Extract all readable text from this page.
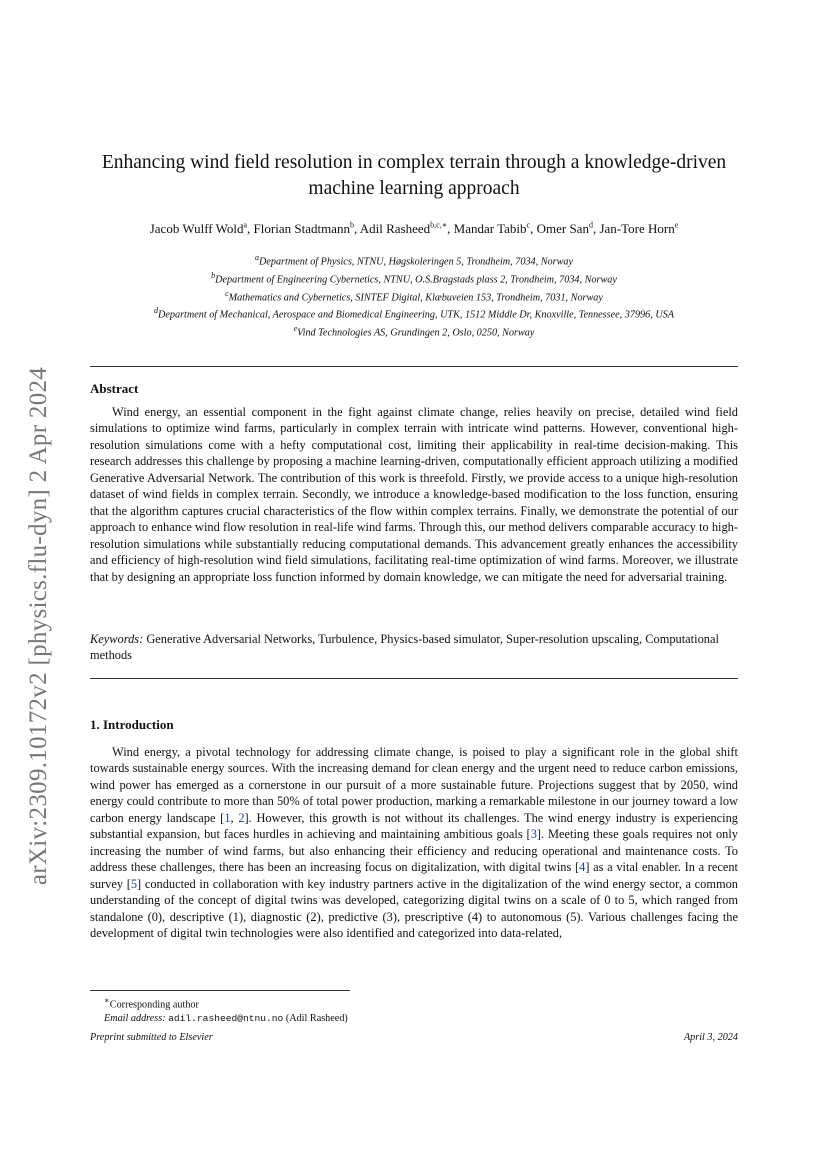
arXiv:2309.10172v2 [physics.flu-dyn] 2 Apr 2024
Enhancing wind field resolution in complex terrain through a knowledge-driven
machine learning approach
Jacob Wulff Wold$^a$, Florian Stadtmann$^b$, Adil Rasheed$^{b,c,∗}$, Mandar Tabib$^c$, Omer San$^d$, Jan-Tore Horn$^e$
$^a$Department of Physics, NTNU, Høgskoleringen 5, Trondheim, 7034, Norway
$^b$Department of Engineering Cybernetics, NTNU, O.S.Bragstads plass 2, Trondheim, 7034, Norway
$^c$Mathematics and Cybernetics, SINTEF Digital, Klæbuveien 153, Trondheim, 7031, Norway
$^d$Department of Mechanical, Aerospace and Biomedical Engineering, UTK, 1512 Middle Dr, Knoxville, Tennessee, 37996, USA
$^e$Vind Technologies AS, Grundingen 2, Oslo, 0250, Norway
Abstract
Wind energy, an essential component in the fight against climate change, relies heavily on precise, detailed wind field simulations to optimize wind farms, particularly in complex terrain with intricate wind patterns. However, conventional high-resolution simulations come with a hefty computational cost, limiting their applicability in real-time decision-making. This research addresses this challenge by proposing a machine learning-driven, computationally efficient approach utilizing a modified Generative Adversarial Network. The contribution of this work is threefold. Firstly, we provide access to a unique high-resolution dataset of wind fields in complex terrain. Secondly, we introduce a knowledge-based modification to the loss function, ensuring that the algorithm captures crucial characteristics of the flow within complex terrains. Finally, we demonstrate the potential of our approach to enhance wind flow resolution in real-life wind farms. Through this, our method delivers comparable accuracy to high-resolution simulations while substantially reducing computational demands. This advancement greatly enhances the accessibility and efficiency of high-resolution wind field simulations, facilitating real-time optimization of wind farms. Moreover, we illustrate that by designing an appropriate loss function informed by domain knowledge, we can mitigate the need for adversarial training.
Keywords: Generative Adversarial Networks, Turbulence, Physics-based simulator, Super-resolution upscaling, Computational methods
1. Introduction
Wind energy, a pivotal technology for addressing climate change, is poised to play a significant role in the global shift towards sustainable energy sources. With the increasing demand for clean energy and the urgent need to reduce carbon emissions, wind power has emerged as a cornerstone in our pursuit of a more sustainable future. Projections suggest that by 2050, wind energy could contribute to more than 50% of total power production, marking a remarkable milestone in our journey toward a low carbon energy landscape [1, 2]. However, this growth is not without its challenges. The wind energy industry is experiencing substantial expansion, but faces hurdles in achieving and maintaining ambitious goals [3]. Meeting these goals requires not only increasing the number of wind farms, but also enhancing their efficiency and reducing operational and maintenance costs. To address these challenges, there has been an increasing focus on digitalization, with digital twins [4] as a vital enabler. In a recent survey [5] conducted in collaboration with key industry partners active in the digitalization of the wind energy sector, a common understanding of the concept of digital twins was developed, categorizing digital twins on a scale of 0 to 5, which ranged from standalone (0), descriptive (1), diagnostic (2), predictive (3), prescriptive (4) to autonomous (5). Various challenges facing the development of digital twin technologies were also identified and categorized into data-related,
∗Corresponding author
Email address: adil.rasheed@ntnu.no (Adil Rasheed)
Preprint submitted to Elsevier	April 3, 2024
